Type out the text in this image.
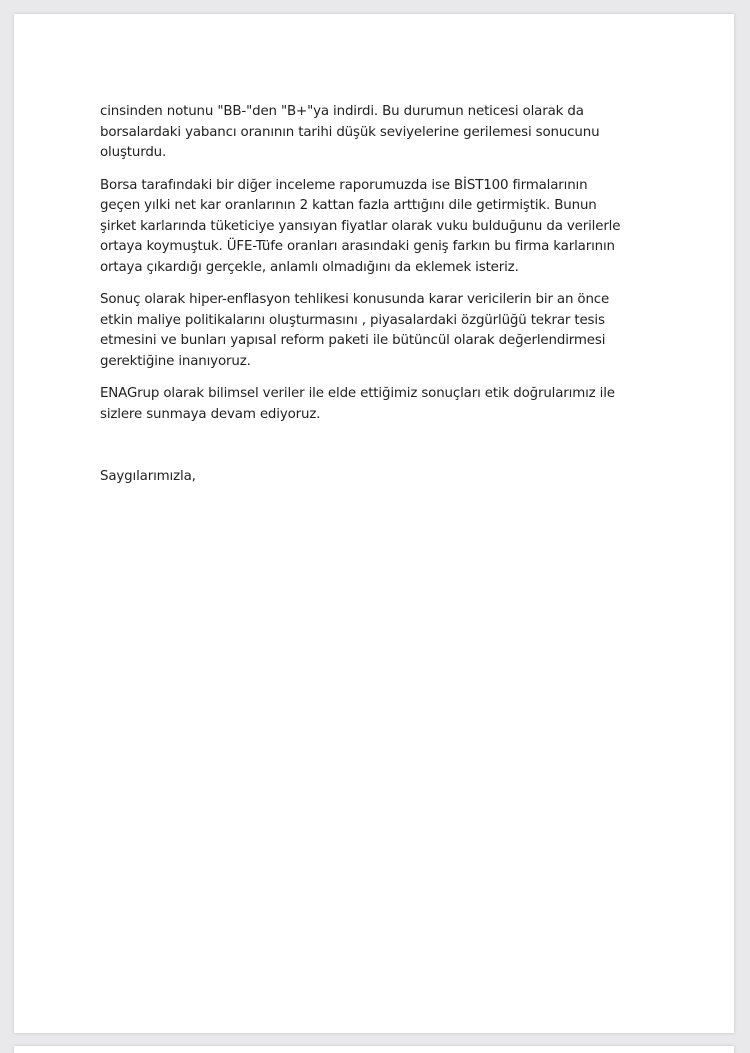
cinsinden notunu "BB-"den "B+"ya indirdi. Bu durumun neticesi olarak da
borsalardaki yabancı oranının tarihi düşük seviyelerine gerilemesi sonucunu
oluşturdu.

Borsa tarafındaki bir diğer inceleme raporumuzda ise BİST100 firmalarının
geçen yılki net kar oranlarının 2 kattan fazla arttığını dile getirmiştik. Bunun
şirket karlarında tüketiciye yansıyan fiyatlar olarak vuku bulduğunu da verilerle
ortaya koymuştuk. ÜFE-Tüfe oranları arasındaki geniş farkın bu firma karlarının
ortaya çıkardığı gerçekle, anlamlı olmadığını da eklemek isteriz.

Sonuç olarak hiper-enflasyon tehlikesi konusunda karar vericilerin bir an önce
etkin maliye politikalarını oluşturmasını , piyasalardaki özgürlüğü tekrar tesis
etmesini ve bunları yapısal reform paketi ile bütüncül olarak değerlendirmesi
gerektiğine inanıyoruz.

ENAGrup olarak bilimsel veriler ile elde ettiğimiz sonuçları etik doğrularımız ile
sizlere sunmaya devam ediyoruz.

Saygılarımızla,
